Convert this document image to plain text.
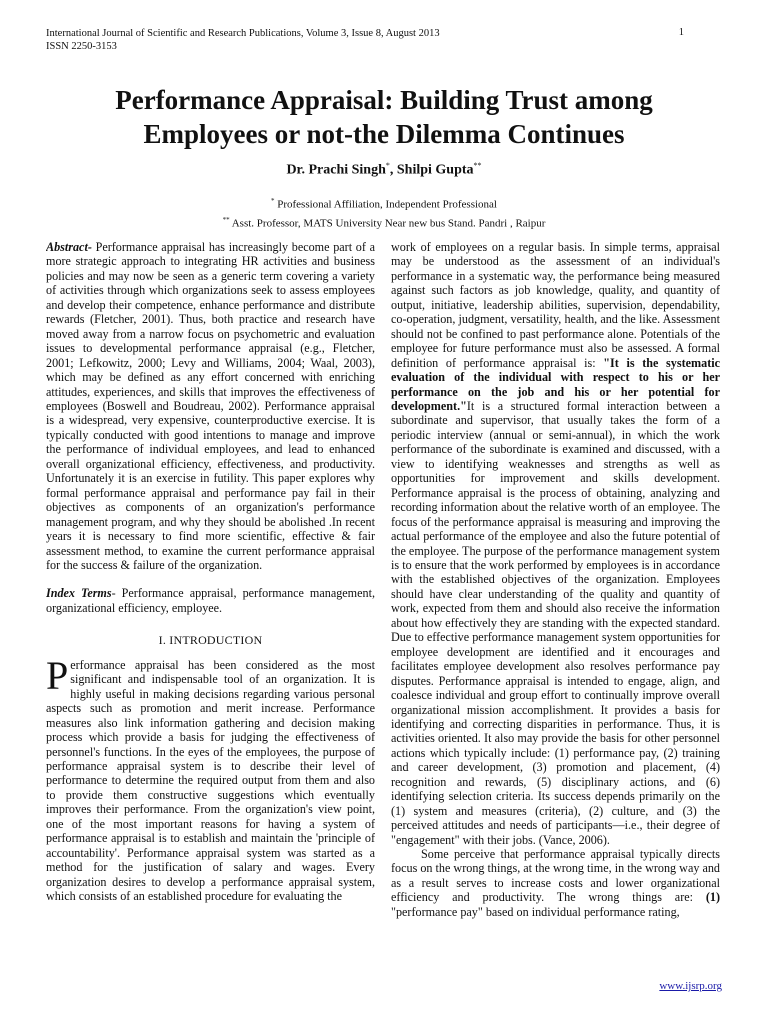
International Journal of Scientific and Research Publications, Volume 3, Issue 8, August 2013
ISSN 2250-3153
1
Performance Appraisal: Building Trust among
Employees or not-the Dilemma Continues
Dr. Prachi Singh*, Shilpi Gupta**
* Professional Affiliation, Independent Professional
** Asst. Professor, MATS University Near new bus Stand. Pandri , Raipur

Abstract- Performance appraisal has increasingly become part of a more strategic approach to integrating HR activities and business policies and may now be seen as a generic term covering a variety of activities through which organizations seek to assess employees and develop their competence, enhance performance and distribute rewards (Fletcher, 2001). Thus, both practice and research have moved away from a narrow focus on psychometric and evaluation issues to developmental performance appraisal (e.g., Fletcher, 2001; Lefkowitz, 2000; Levy and Williams, 2004; Waal, 2003), which may be defined as any effort concerned with enriching attitudes, experiences, and skills that improves the effectiveness of employees (Boswell and Boudreau, 2002). Performance appraisal is a widespread, very expensive, counterproductive exercise. It is typically conducted with good intentions to manage and improve the performance of individual employees, and lead to enhanced overall organizational efficiency, effectiveness, and productivity. Unfortunately it is an exercise in futility. This paper explores why formal performance appraisal and performance pay fail in their objectives as components of an organization's performance management program, and why they should be abolished .In recent years it is necessary to find more scientific, effective & fair assessment method, to examine the current performance appraisal for the success & failure of the organization.

Index Terms- Performance appraisal, performance management, organizational efficiency, employee.

I. INTRODUCTION

Performance appraisal has been considered as the most significant and indispensable tool of an organization. It is highly useful in making decisions regarding various personal aspects such as promotion and merit increase. Performance measures also link information gathering and decision making process which provide a basis for judging the effectiveness of personnel's functions. In the eyes of the employees, the purpose of performance appraisal system is to describe their level of performance to determine the required output from them and also to provide them constructive suggestions which eventually improves their performance. From the organization's view point, one of the most important reasons for having a system of performance appraisal is to establish and maintain the 'principle of accountability'. Performance appraisal system was started as a method for the justification of salary and wages. Every organization desires to develop a performance appraisal system, which consists of an established procedure for evaluating the

work of employees on a regular basis. In simple terms, appraisal may be understood as the assessment of an individual's performance in a systematic way, the performance being measured against such factors as job knowledge, quality, and quantity of output, initiative, leadership abilities, supervision, dependability, co-operation, judgment, versatility, health, and the like. Assessment should not be confined to past performance alone. Potentials of the employee for future performance must also be assessed. A formal definition of performance appraisal is: "It is the systematic evaluation of the individual with respect to his or her performance on the job and his or her potential for development."It is a structured formal interaction between a subordinate and supervisor, that usually takes the form of a periodic interview (annual or semi-annual), in which the work performance of the subordinate is examined and discussed, with a view to identifying weaknesses and strengths as well as opportunities for improvement and skills development. Performance appraisal is the process of obtaining, analyzing and recording information about the relative worth of an employee. The focus of the performance appraisal is measuring and improving the actual performance of the employee and also the future potential of the employee. The purpose of the performance management system is to ensure that the work performed by employees is in accordance with the established objectives of the organization. Employees should have clear understanding of the quality and quantity of work, expected from them and should also receive the information about how effectively they are standing with the expected standard. Due to effective performance management system opportunities for employee development are identified and it encourages and facilitates employee development also resolves performance pay disputes. Performance appraisal is intended to engage, align, and coalesce individual and group effort to continually improve overall organizational mission accomplishment. It provides a basis for identifying and correcting disparities in performance. Thus, it is activities oriented. It also may provide the basis for other personnel actions which typically include: (1) performance pay, (2) training and career development, (3) promotion and placement, (4) recognition and rewards, (5) disciplinary actions, and (6) identifying selection criteria. Its success depends primarily on the (1) system and measures (criteria), (2) culture, and (3) the perceived attitudes and needs of participants—i.e., their degree of "engagement" with their jobs. (Vance, 2006).

Some perceive that performance appraisal typically directs focus on the wrong things, at the wrong time, in the wrong way and as a result serves to increase costs and lower organizational efficiency and productivity. The wrong things are: (1) "performance pay" based on individual performance rating,

www.ijsrp.org
